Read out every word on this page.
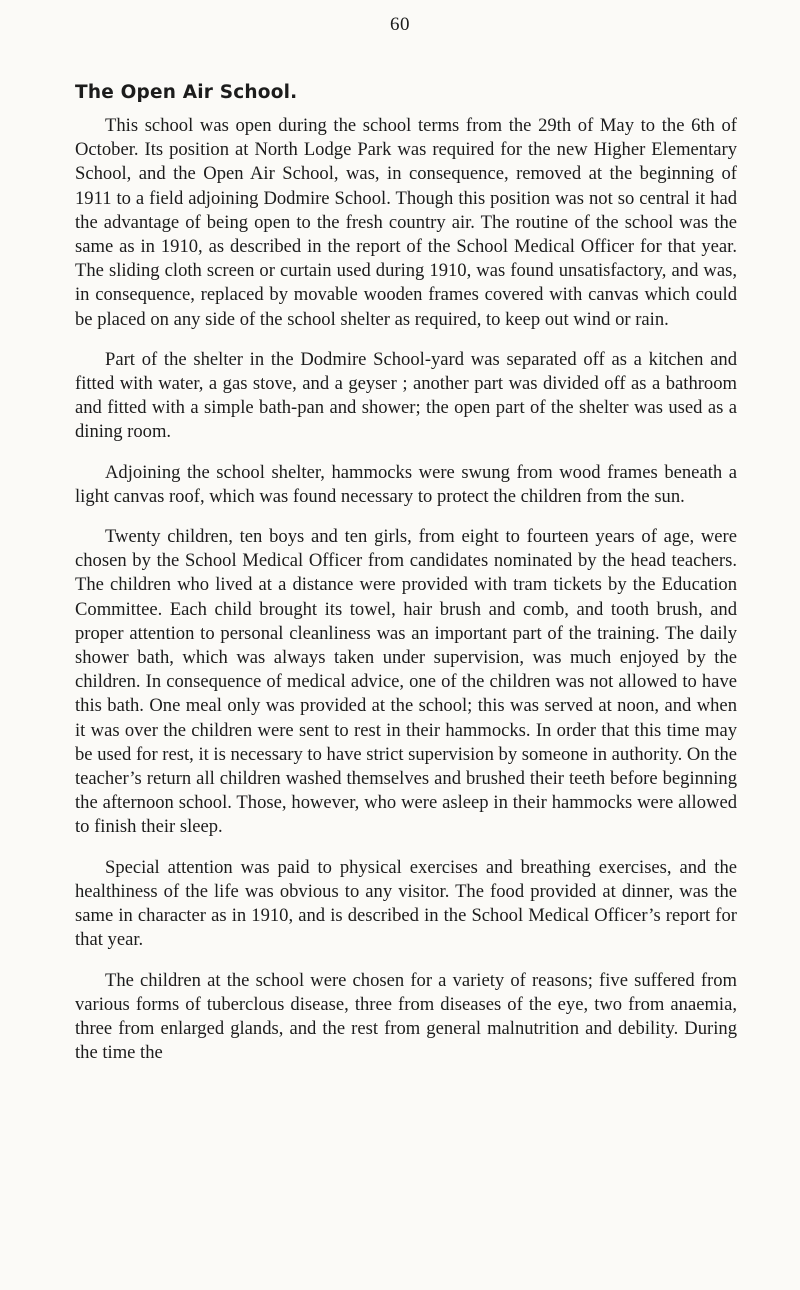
60
The Open Air School.

This school was open during the school terms from the 29th of May to the 6th of October. Its position at North Lodge Park was required for the new Higher Elementary School, and the Open Air School, was, in consequence, removed at the beginning of 1911 to a field adjoining Dodmire School. Though this position was not so central it had the advantage of being open to the fresh country air. The routine of the school was the same as in 1910, as described in the report of the School Medical Officer for that year. The sliding cloth screen or curtain used during 1910, was found unsatisfactory, and was, in consequence, replaced by movable wooden frames covered with canvas which could be placed on any side of the school shelter as required, to keep out wind or rain.

Part of the shelter in the Dodmire School-yard was separated off as a kitchen and fitted with water, a gas stove, and a geyser ; another part was divided off as a bathroom and fitted with a simple bath-pan and shower; the open part of the shelter was used as a dining room.

Adjoining the school shelter, hammocks were swung from wood frames beneath a light canvas roof, which was found necessary to protect the children from the sun.

Twenty children, ten boys and ten girls, from eight to fourteen years of age, were chosen by the School Medical Officer from candidates nominated by the head teachers. The children who lived at a distance were provided with tram tickets by the Education Committee. Each child brought its towel, hair brush and comb, and tooth brush, and proper attention to personal cleanliness was an important part of the training. The daily shower bath, which was always taken under supervision, was much enjoyed by the children. In consequence of medical advice, one of the children was not allowed to have this bath. One meal only was provided at the school; this was served at noon, and when it was over the children were sent to rest in their hammocks. In order that this time may be used for rest, it is necessary to have strict supervision by someone in authority. On the teacher’s return all children washed themselves and brushed their teeth before beginning the afternoon school. Those, however, who were asleep in their hammocks were allowed to finish their sleep.

Special attention was paid to physical exercises and breathing exercises, and the healthiness of the life was obvious to any visitor. The food provided at dinner, was the same in character as in 1910, and is described in the School Medical Officer’s report for that year.

The children at the school were chosen for a variety of reasons; five suffered from various forms of tuberclous disease, three from diseases of the eye, two from anaemia, three from enlarged glands, and the rest from general malnutrition and debility. During the time the
